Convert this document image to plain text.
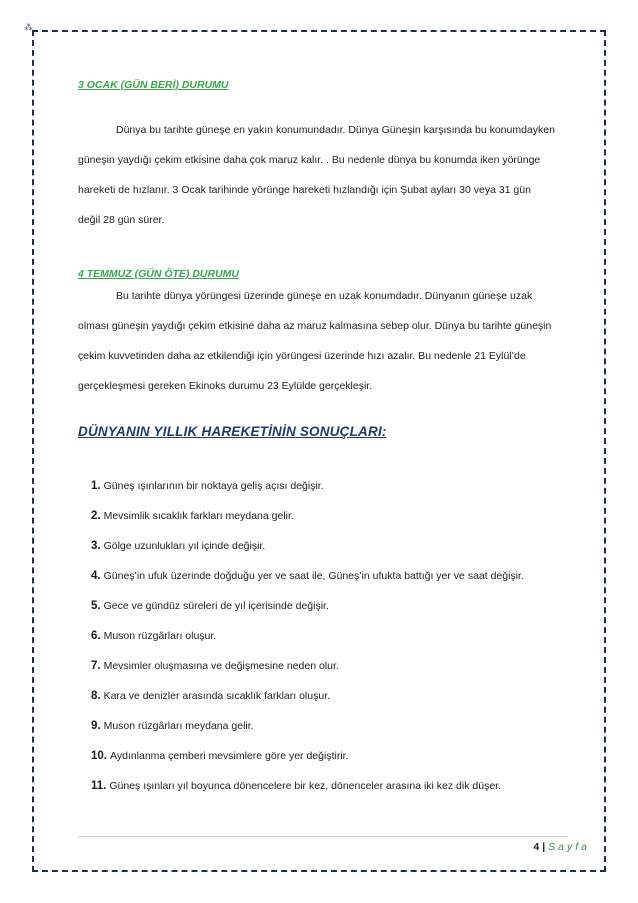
⁂
3 OCAK (GÜN BERİ) DURUMU
Dünya bu tarihte güneşe en yakın konumundadır. Dünya Güneşin karşısında bu konumdayken
güneşin yaydığı çekim etkisine daha çok maruz kalır. . Bu nedenle dünya bu konumda iken yörünge
hareketi de hızlanır. 3 Ocak tarihinde yörünge hareketi hızlandığı için Şubat ayları 30 veya 31 gün
değil 28 gün sürer.
4 TEMMUZ (GÜN ÖTE) DURUMU
Bu tarihte dünya yörüngesi üzerinde güneşe en uzak konumdadır. Dünyanın güneşe uzak
olması güneşin yaydığı çekim etkisine daha az maruz kalmasına sebep olur. Dünya bu tarihte güneşin
çekim kuvvetinden daha az etkilendiği için yörüngesi üzerinde hızı azalır. Bu nedenle 21 Eylül’de
gerçekleşmesi gereken Ekinoks durumu 23 Eylülde gerçekleşir.
DÜNYANIN YILLIK HAREKETİNİN SONUÇLARI:
1. Güneş ışınlarının bir noktaya geliş açısı değişir.
2. Mevsimlik sıcaklık farkları meydana gelir.
3. Gölge uzunlukları yıl içinde değişir.
4. Güneş’in ufuk üzerinde doğduğu yer ve saat ile, Güneş’in ufukta battığı yer ve saat değişir.
5. Gece ve gündüz süreleri de yıl içerisinde değişir.
6. Muson rüzgârları oluşur.
7. Mevsimler oluşmasına ve değişmesine neden olur.
8. Kara ve denizler arasında sıcaklık farkları oluşur.
9. Muson rüzgârları meydana gelir.
10. Aydınlanma çemberi mevsimlere göre yer değiştirir.
11. Güneş ışınları yıl boyunca dönencelere bir kez, dönenceler arasına iki kez dik düşer.
4 | Sayfa
